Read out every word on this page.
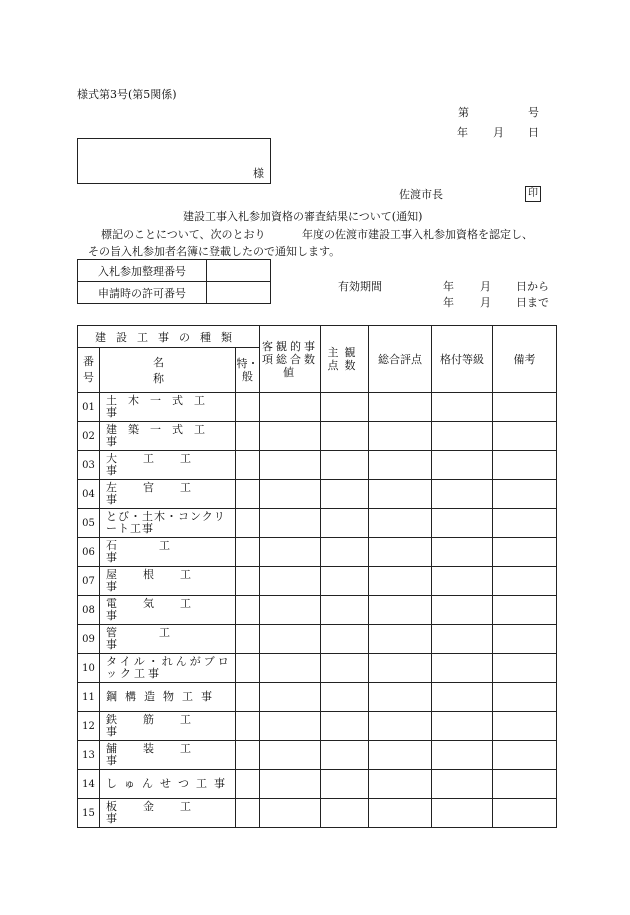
様式第3号(第5関係)
第	号
年 月 日
様
佐渡市長	印
建設工事入札参加資格の審査結果について(通知)
標記のことについて、次のとおり	年度の佐渡市建設工事入札参加資格を認定し、
その旨入札参加者名簿に登載したので通知します。
入札参加整理番号	
申請時の許可番号		有効期間	年 月 日から
年 月 日まで
建設工事の種類			客観的事項総合数値	主観点数	総合評点	格付等級	備考
番号	名称	特・般					
01	土木一式工事						
02	建築一式工事						
03	大工工事						
04	左官工事						
05	とび・土木・コンクリート工事						
06	石工事						
07	屋根工事						
08	電気工事						
09	管工事						
10	タイル・れんがブロック工事						
11	鋼構造物工事						
12	鉄筋工事						
13	舗装工事						
14	しゅんせつ工事						
15	板金工事						
